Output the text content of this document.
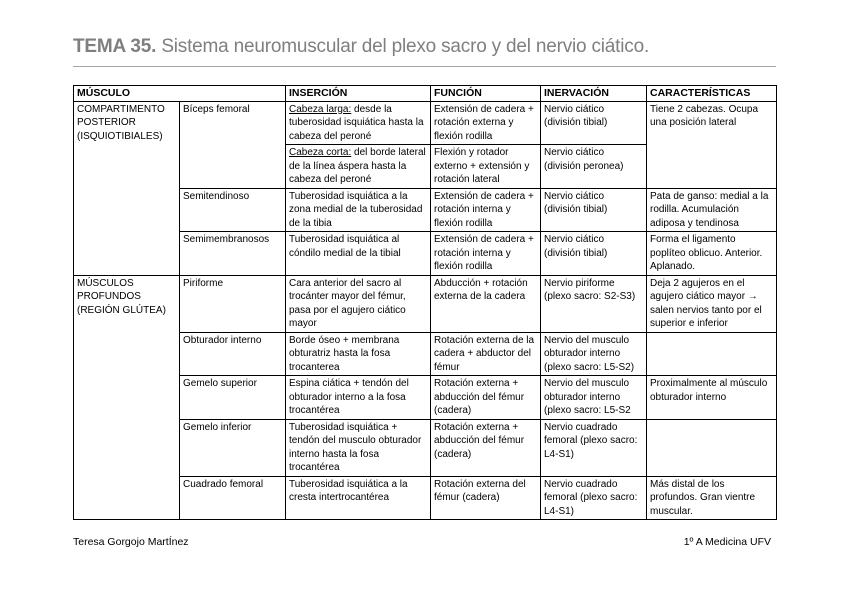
TEMA 35. Sistema neuromuscular del plexo sacro y del nervio ciático.
MÚSCULO		INSERCIÓN	FUNCIÓN	INERVACIÓN	CARACTERÍSTICAS
COMPARTIMENTO POSTERIOR (ISQUIOTIBIALES)	Bíceps femoral	Cabeza larga: desde la tuberosidad isquiática hasta la cabeza del peroné	Extensión de cadera + rotación externa y flexión rodilla	Nervio ciático (división tibial)	Tiene 2 cabezas. Ocupa una posición lateral
		Cabeza corta: del borde lateral de la línea áspera hasta la cabeza del peroné	Flexión y rotador externo + extensión y rotación lateral	Nervio ciático (división peronea)	
	Semitendinoso	Tuberosidad isquiática a la zona medial de la tuberosidad de la tibia	Extensión de cadera + rotación interna y flexión rodilla	Nervio ciático (división tibial)	Pata de ganso: medial a la rodilla. Acumulación adiposa y tendinosa
	Semimembranosos	Tuberosidad isquiática al cóndilo medial de la tibial	Extensión de cadera + rotación interna y flexión rodilla	Nervio ciático (división tibial)	Forma el ligamento poplíteo oblicuo. Anterior. Aplanado.
MÚSCULOS PROFUNDOS (REGIÓN GLÚTEA)	Piriforme	Cara anterior del sacro al trocánter mayor del fémur, pasa por el agujero ciático mayor	Abducción + rotación externa de la cadera	Nervio piriforme (plexo sacro: S2-S3)	Deja 2 agujeros en el agujero ciático mayor → salen nervios tanto por el superior e inferior
	Obturador interno	Borde óseo + membrana obturatriz hasta la fosa trocanterea	Rotación externa de la cadera + abductor del fémur	Nervio del musculo obturador interno (plexo sacro: L5-S2)	
	Gemelo superior	Espina ciática + tendón del obturador interno a la fosa trocantérea	Rotación externa + abducción del fémur (cadera)	Nervio del musculo obturador interno (plexo sacro: L5-S2	Proximalmente al músculo obturador interno
	Gemelo inferior	Tuberosidad isquiática + tendón del musculo obturador interno hasta la fosa trocantérea	Rotación externa + abducción del fémur (cadera)	Nervio cuadrado femoral (plexo sacro: L4-S1)	
	Cuadrado femoral	Tuberosidad isquiática a la cresta intertrocantérea	Rotación externa del fémur (cadera)	Nervio cuadrado femoral (plexo sacro: L4-S1)	Más distal de los profundos. Gran vientre muscular.
Teresa Gorgojo MartÍnez	1º A Medicina UFV
